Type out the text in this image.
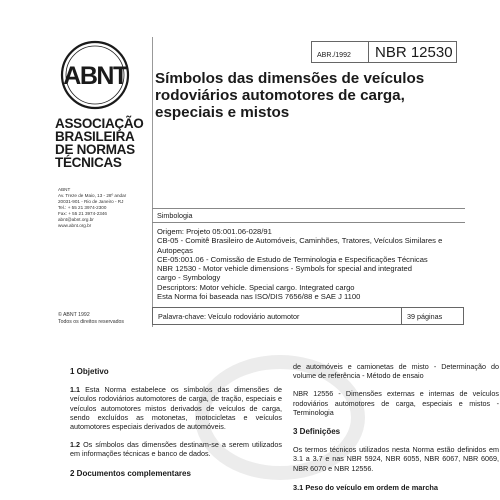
ABNT
ASSOCIAÇÃO
BRASILEIRA
DE NORMAS
TÉCNICAS
ABNT
Av. Treze de Maio, 13 - 28º andar
20031-901 - Rio de Janeiro - RJ
Tel.: + 55 21 3974-2300
Fax: + 55 21 3974-2346
abnt@abnt.org.br
www.abnt.org.br
© ABNT 1992
Todos os direitos reservados
ABR./1992 NBR 12530
Símbolos das dimensões de veículos
rodoviários automotores de carga,
especiais e mistos
Simbologia
Origem: Projeto 05:001.06-028/91
CB-05 - Comitê Brasileiro de Automóveis, Caminhões, Tratores, Veículos Similares e
Autopeças
CE-05:001.06 - Comissão de Estudo de Terminologia e Especificações Técnicas
NBR 12530 - Motor vehicle dimensions - Symbols for special and integrated
cargo - Symbology
Descriptors: Motor vehicle. Special cargo. Integrated cargo
Esta Norma foi baseada nas ISO/DIS 7656/88 e SAE J 1100
Palavra-chave: Veículo rodoviário automotor	39 páginas
1 Objetivo
1.1 Esta Norma estabelece os símbolos das dimensões de veículos rodoviários automotores de carga, de tração, especiais e veículos automotores mistos derivados de veículos de carga, sendo excluídos as motonetas, motocicletas e veículos automotores especiais derivados de automóveis.
1.2 Os símbolos das dimensões destinam-se a serem utilizados em informações técnicas e banco de dados.
2 Documentos complementares
de automóveis e camionetas de misto - Determinação do volume de referência - Método de ensaio
NBR 12556 - Dimensões externas e internas de veículos rodoviários automotores de carga, especiais e mistos - Terminologia
3 Definições
Os termos técnicos utilizados nesta Norma estão definidos em 3.1 a 3.7 e nas NBR 5924, NBR 6055, NBR 6067, NBR 6069, NBR 6070 e NBR 12556.
3.1 Peso do veículo em ordem de marcha
